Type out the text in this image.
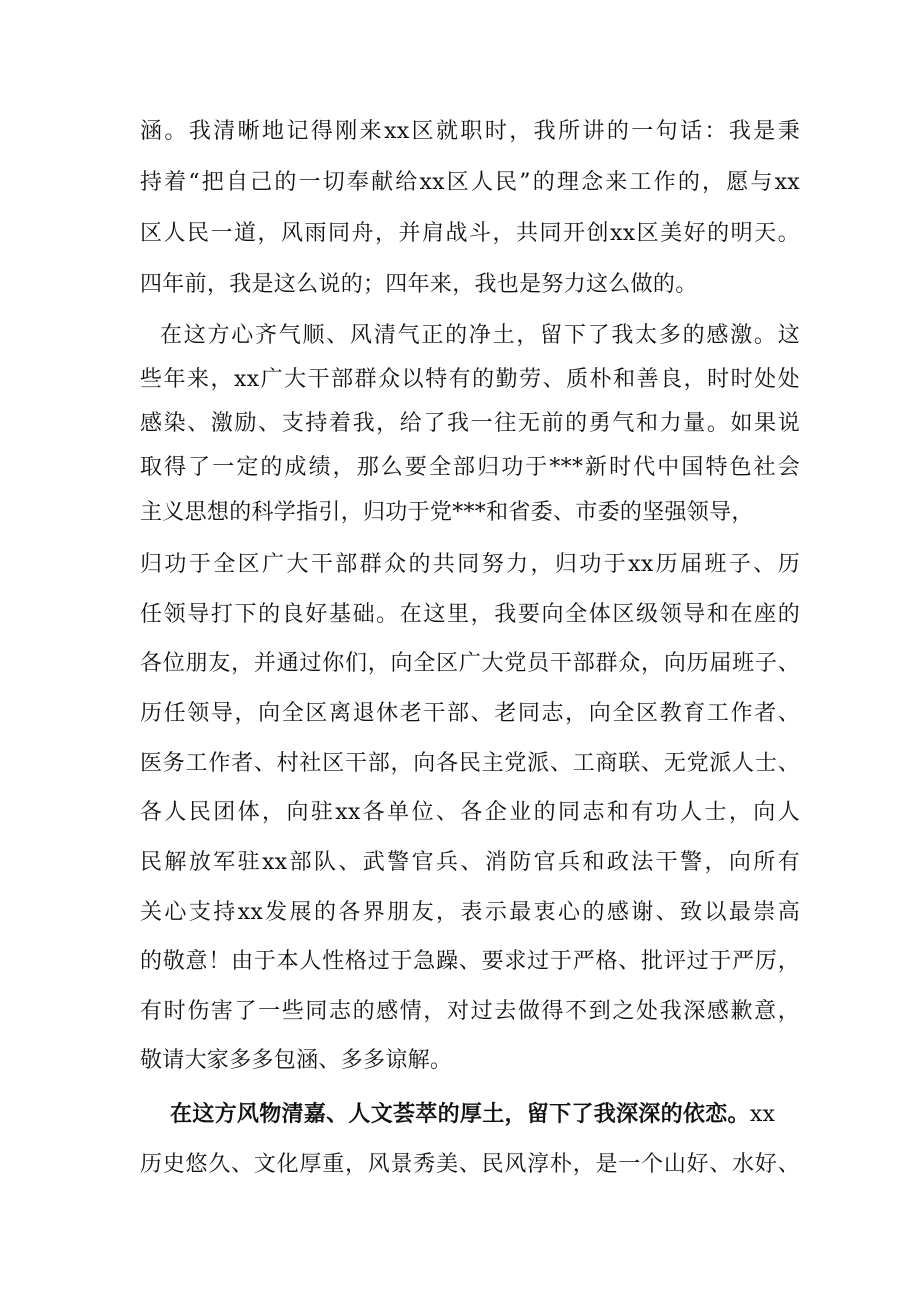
涵。我清晰地记得刚来xx区就职时，我所讲的一句话：我是秉
持着“把自己的一切奉献给xx区人民”的理念来工作的，愿与xx
区人民一道，风雨同舟，并肩战斗，共同开创xx区美好的明天。
四年前，我是这么说的；四年来，我也是努力这么做的。
在这方心齐气顺、风清气正的净土，留下了我太多的感激。这
些年来，xx广大干部群众以特有的勤劳、质朴和善良，时时处处
感染、激励、支持着我，给了我一往无前的勇气和力量。如果说
取得了一定的成绩，那么要全部归功于***新时代中国特色社会
主义思想的科学指引，归功于党***和省委、市委的坚强领导，
归功于全区广大干部群众的共同努力，归功于xx历届班子、历
任领导打下的良好基础。在这里，我要向全体区级领导和在座的
各位朋友，并通过你们，向全区广大党员干部群众，向历届班子、
历任领导，向全区离退休老干部、老同志，向全区教育工作者、
医务工作者、村社区干部，向各民主党派、工商联、无党派人士、
各人民团体，向驻xx各单位、各企业的同志和有功人士，向人
民解放军驻xx部队、武警官兵、消防官兵和政法干警，向所有
关心支持xx发展的各界朋友，表示最衷心的感谢、致以最崇高
的敬意！由于本人性格过于急躁、要求过于严格、批评过于严厉，
有时伤害了一些同志的感情，对过去做得不到之处我深感歉意，
敬请大家多多包涵、多多谅解。
在这方风物清嘉、人文荟萃的厚土，留下了我深深的依恋。xx
历史悠久、文化厚重，风景秀美、民风淳朴，是一个山好、水好、
